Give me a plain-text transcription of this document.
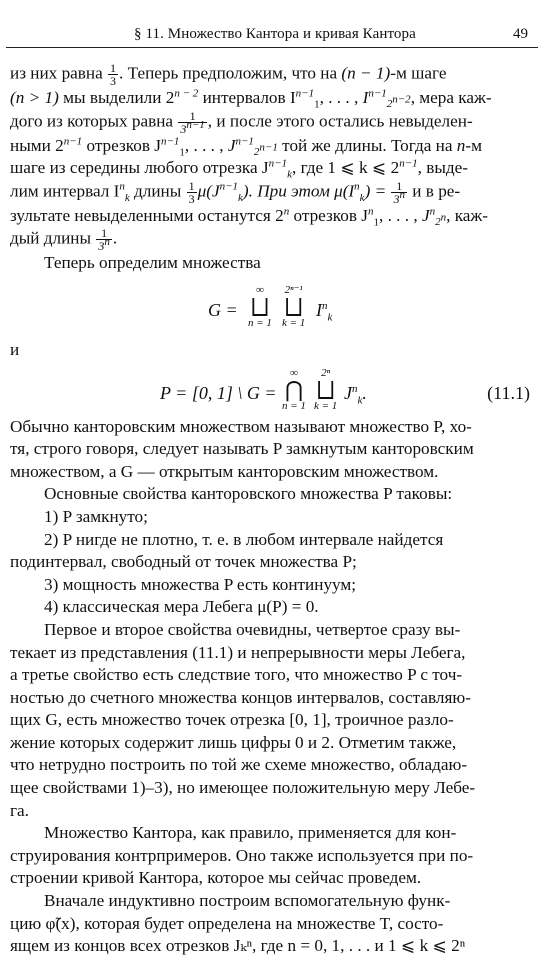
§ 11. Множество Кантора и кривая Кантора	49
из них равна $\frac{1}{3}$ . Теперь предположим, что на (n − 1)-м шаге
(n > 1) мы выделили $2^{n - 2}$ интервалов $I^{n-1}_1$, . . . , $I^{n-1}_{2^{n-2}}$, мера каж-
дого из которых равна $\frac{1}{3^{n-1}}$ , и после этого остались невыделен-
ными $2^{n-1}$ отрезков $J^{n-1}_1$, . . . , $J^{n-1}_{2^{n-1}}$ той же длины. Тогда на n-м
шаге из середины любого отрезка $J^{n-1}_k$, где 1 ⩽ k ⩽ $2^{n-1}$, выде-
лим интервал $I^n_k$ длины $\frac{1}{3} \mu(J^{n-1}_k)$. При этом $\mu(I^n_k) = \frac{1}{3^n}$ и в ре-
зультате невыделенными останутся 2$^n$ отрезков $J^n_1$, . . . , $J^n_{2^n}$, каж-
дый длины $\frac{1}{3^n}$ .

Теперь определим множества

G =
∞
⨆
n = 1
2ⁿ⁻¹
⨆
k = 1
$I^n_k$
и
P = [0, 1] \ G =
∞
⋂
n = 1
2ⁿ
⨆
k = 1
$J^n_k$.	(11.1)
Обычно канторовским множеством называют множество P, хо-
тя, строго говоря, следует называть P замкнутым канторовским
множеством, а G — открытым канторовским множеством.
Основные свойства канторовского множества P таковы:
1) P замкнуто;
2) P нигде не плотно, т. е. в любом интервале найдется
подинтервал, свободный от точек множества P;
3) мощность множества P есть континуум;
4) классическая мера Лебега μ(P) = 0.
Первое и второе свойства очевидны, четвертое сразу вы-
текает из представления (11.1) и непрерывности меры Лебега,
а третье свойство есть следствие того, что множество P с точ-
ностью до счетного множества концов интервалов, составляю-
щих G, есть множество точек отрезка [0, 1], троичное разло-
жение которых содержит лишь цифры 0 и 2. Отметим также,
что нетрудно построить по той же схеме множество, обладаю-
щее свойствами 1)–3), но имеющее положительную меру Лебе-
га.
Множество Кантора, как правило, применяется для кон-
струирования контрпримеров. Оно также используется при по-
строении кривой Кантора, которое мы сейчас проведем.
Вначале индуктивно построим вспомогательную функ-
цию φ̃(x), которая будет определена на множестве T, состо-
ящем из концов всех отрезков Jₖⁿ, где n = 0, 1, . . . и 1 ⩽ k ⩽ 2ⁿ
